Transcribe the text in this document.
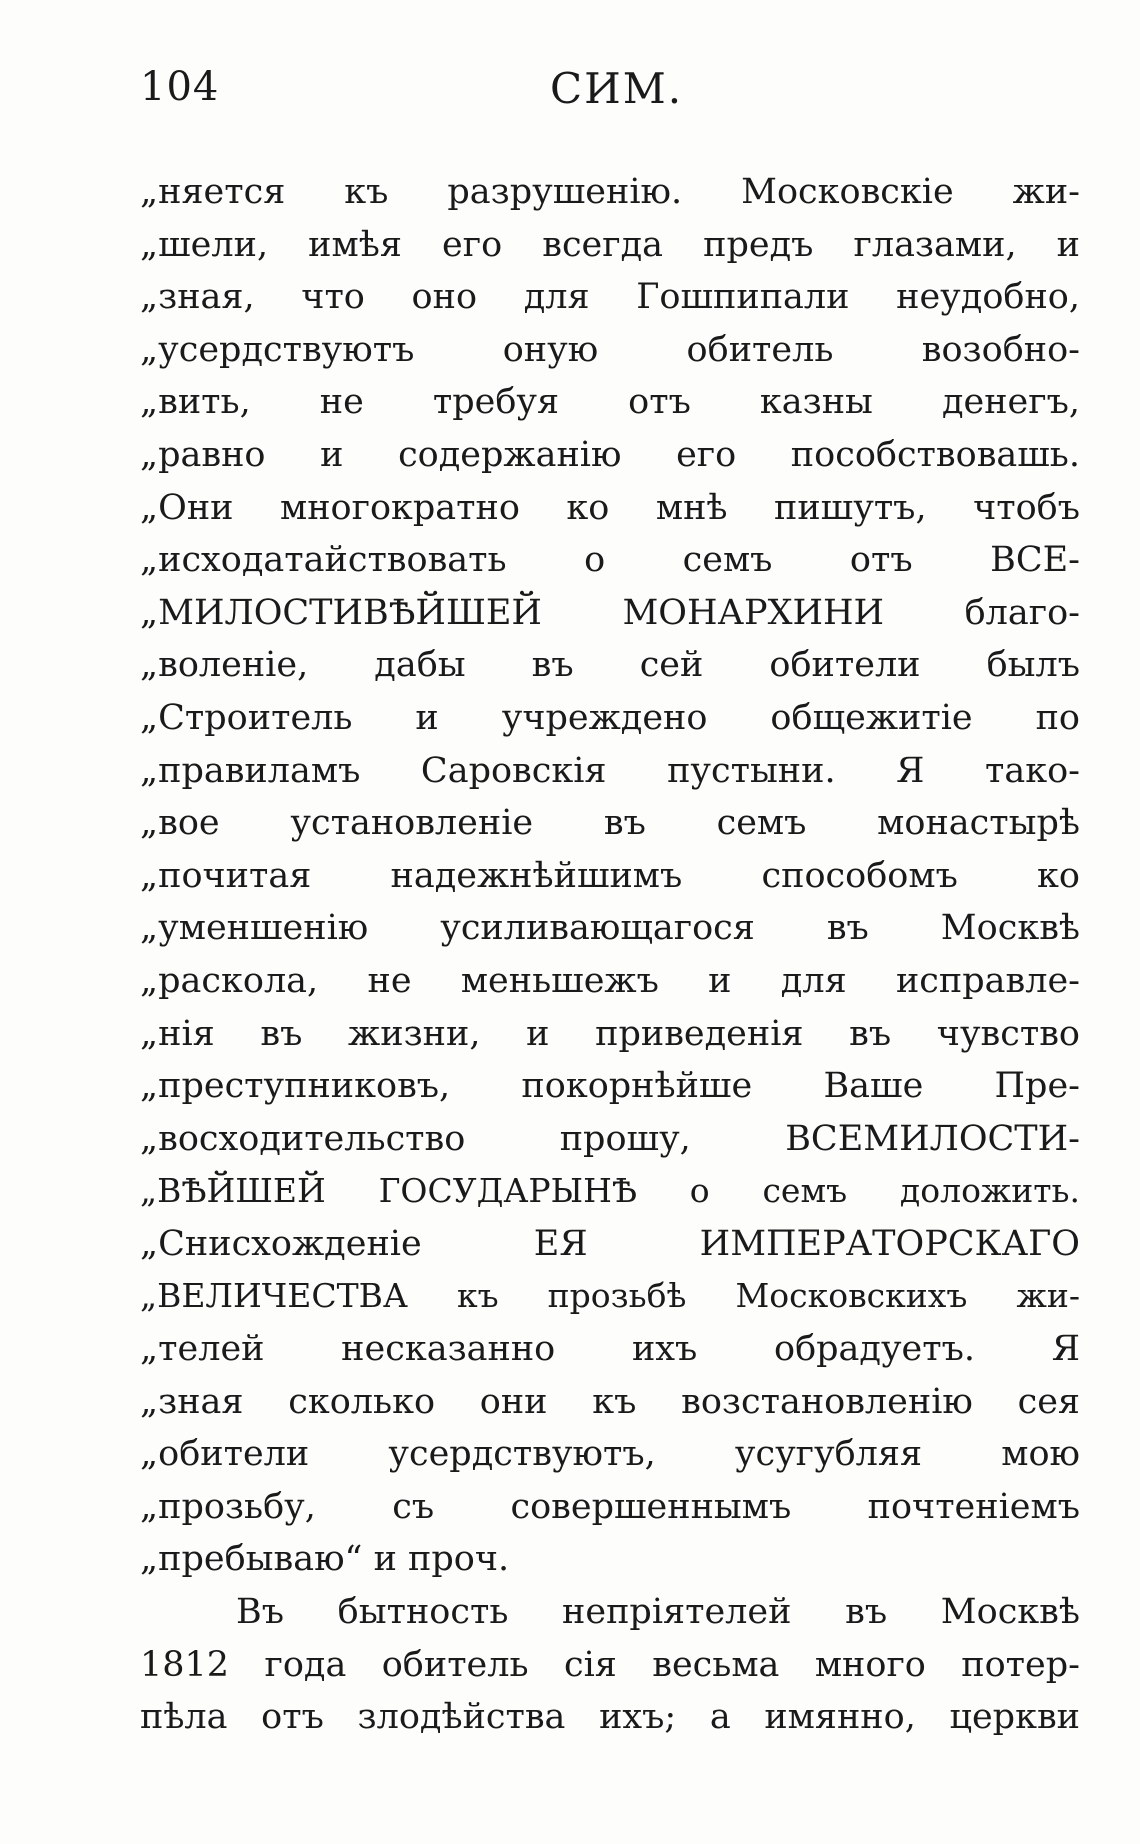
104	СИМ.
„няется къ разрушенію. Московскіе жи-
„шели, имѣя его всегда предъ глазами, и
„зная, что оно для Гошпипали неудобно,
„усердствуютъ оную обитель возобно-
„вить, не требуя отъ казны денегъ,
„равно и содержанію его пособствовашь.
„Они многократно ко мнѣ пишутъ, чтобъ
„исходатайствовать о семъ отъ ВСЕ-
„МИЛОСТИВѢЙШЕЙ МОНАРХИНИ благо-
„воленіе, дабы въ сей обители былъ
„Строитель и учреждено общежитіе по
„правиламъ Саровскія пустыни. Я тако-
„вое установленіе въ семъ монастырѣ
„почитая надежнѣйшимъ способомъ ко
„уменшенію усиливающагося въ Москвѣ
„раскола, не меньшежъ и для исправле-
„нія въ жизни, и приведенія въ чувство
„преступниковъ, покорнѣйше Ваше Пре-
„восходительство прошу, ВСЕМИЛОСТИ-
„ВѢЙШЕЙ ГОСУДАРЫНѢ о семъ доложить.
„Снисхожденіе ЕЯ ИМПЕРАТОРСКАГО
„ВЕЛИЧЕСТВА къ прозьбѣ Московскихъ жи-
„телей несказанно ихъ обрадуетъ. Я
„зная сколько они къ возстановленію сея
„обители усердствуютъ, усугубляя мою
„прозьбу, съ совершеннымъ почтеніемъ
„пребываю“ и проч.
Въ бытность непріятелей въ Москвѣ
1812 года обитель сія весьма много потер-
пѣла отъ злодѣйства ихъ; а имянно, церкви
